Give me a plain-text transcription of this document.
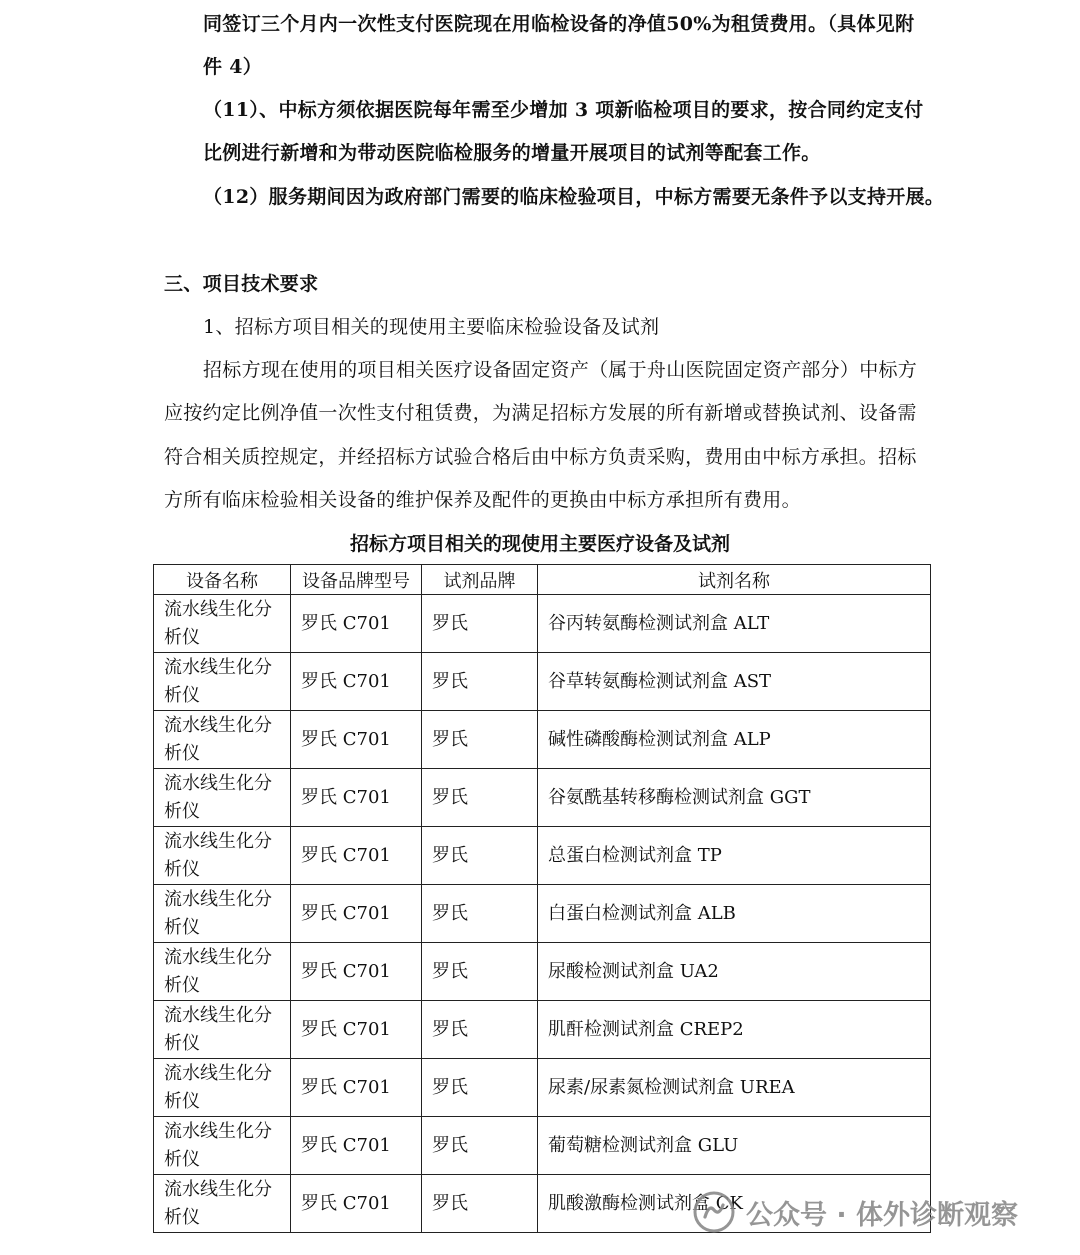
同签订三个月内一次性支付医院现在用临检设备的净值50%为租赁费用。（具体见附
件 4）
（11）、中标方须依据医院每年需至少增加 3 项新临检项目的要求，按合同约定支付
比例进行新增和为带动医院临检服务的增量开展项目的试剂等配套工作。
（12）服务期间因为政府部门需要的临床检验项目，中标方需要无条件予以支持开展。
三、项目技术要求
1、招标方项目相关的现使用主要临床检验设备及试剂
招标方现在使用的项目相关医疗设备固定资产（属于舟山医院固定资产部分）中标方
应按约定比例净值一次性支付租赁费，为满足招标方发展的所有新增或替换试剂、设备需
符合相关质控规定，并经招标方试验合格后由中标方负责采购，费用由中标方承担。招标
方所有临床检验相关设备的维护保养及配件的更换由中标方承担所有费用。
招标方项目相关的现使用主要医疗设备及试剂
设备名称	设备品牌型号	试剂品牌	试剂名称
流水线生化分析仪	罗氏 C701	罗氏	谷丙转氨酶检测试剂盒 ALT
流水线生化分析仪	罗氏 C701	罗氏	谷草转氨酶检测试剂盒 AST
流水线生化分析仪	罗氏 C701	罗氏	碱性磷酸酶检测试剂盒 ALP
流水线生化分析仪	罗氏 C701	罗氏	谷氨酰基转移酶检测试剂盒 GGT
流水线生化分析仪	罗氏 C701	罗氏	总蛋白检测试剂盒 TP
流水线生化分析仪	罗氏 C701	罗氏	白蛋白检测试剂盒 ALB
流水线生化分析仪	罗氏 C701	罗氏	尿酸检测试剂盒 UA2
流水线生化分析仪	罗氏 C701	罗氏	肌酐检测试剂盒 CREP2
流水线生化分析仪	罗氏 C701	罗氏	尿素/尿素氮检测试剂盒 UREA
流水线生化分析仪	罗氏 C701	罗氏	葡萄糖检测试剂盒 GLU
流水线生化分析仪	罗氏 C701	罗氏	肌酸激酶检测试剂盒 CK 公众号 · 体外诊断观察
